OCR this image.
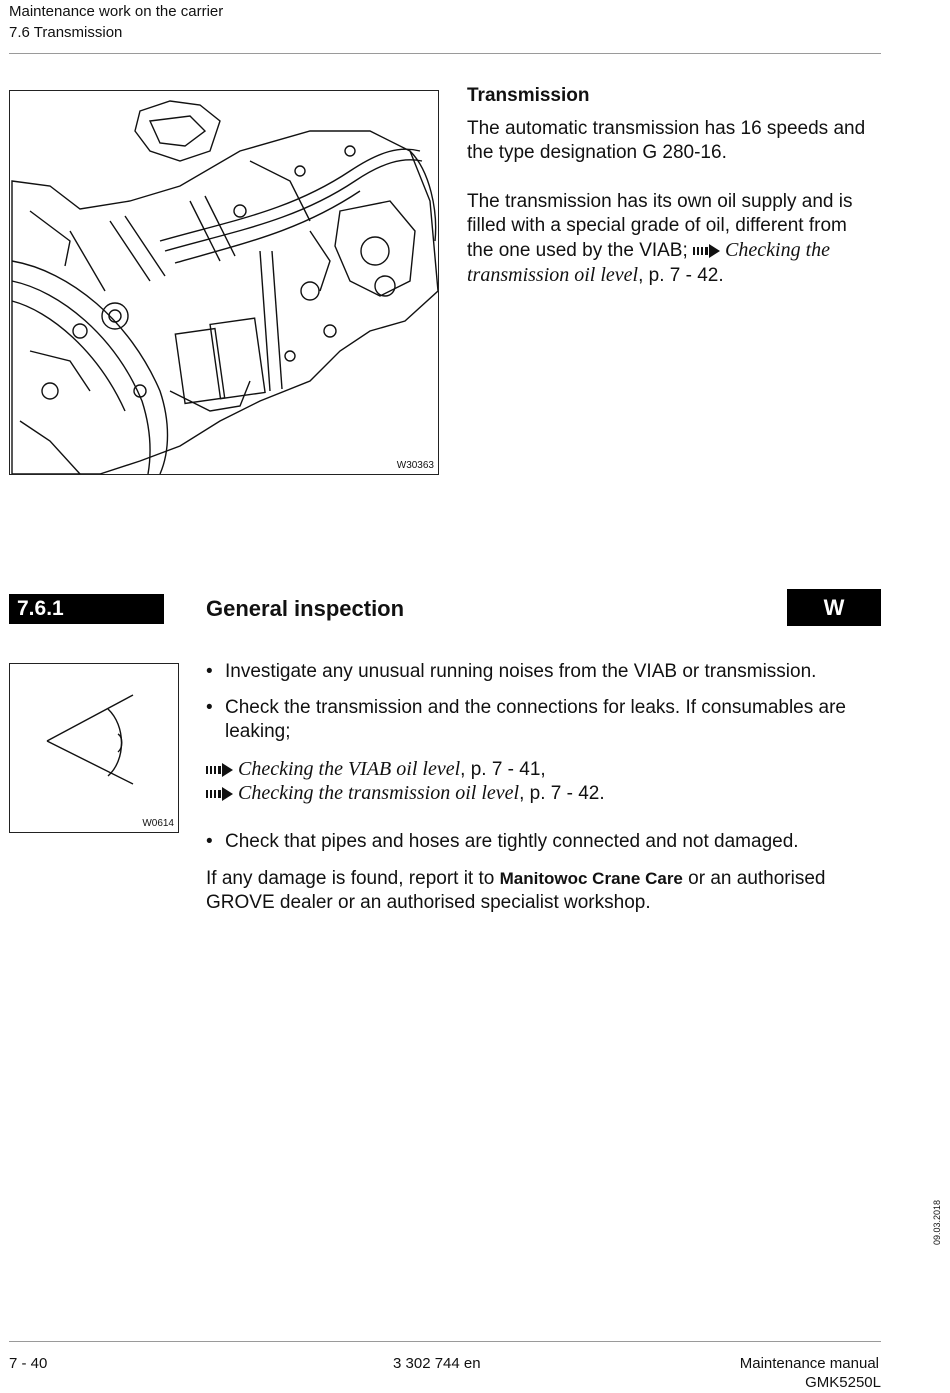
Maintenance work on the carrier
7.6 Transmission
W30363
Transmission
The automatic transmission has 16 speeds and the type designation G 280-16.
The transmission has its own oil supply and is
filled with a special grade of oil, different from
the one used by the VIAB; Checking the
transmission oil level, p. 7 - 42.
7.6.1	General inspection	W
W0614
• Investigate any unusual running noises from the VIAB or transmission.
• Check the transmission and the connections for leaks. If consumables are
leaking;
Checking the VIAB oil level, p. 7 - 41,
Checking the transmission oil level, p. 7 - 42.
• Check that pipes and hoses are tightly connected and not damaged.
If any damage is found, report it to Manitowoc Crane Care or an authorised
GROVE dealer or an authorised specialist workshop.
09.03.2018
7 - 40	3 302 744 en	Maintenance manual
GMK5250L
